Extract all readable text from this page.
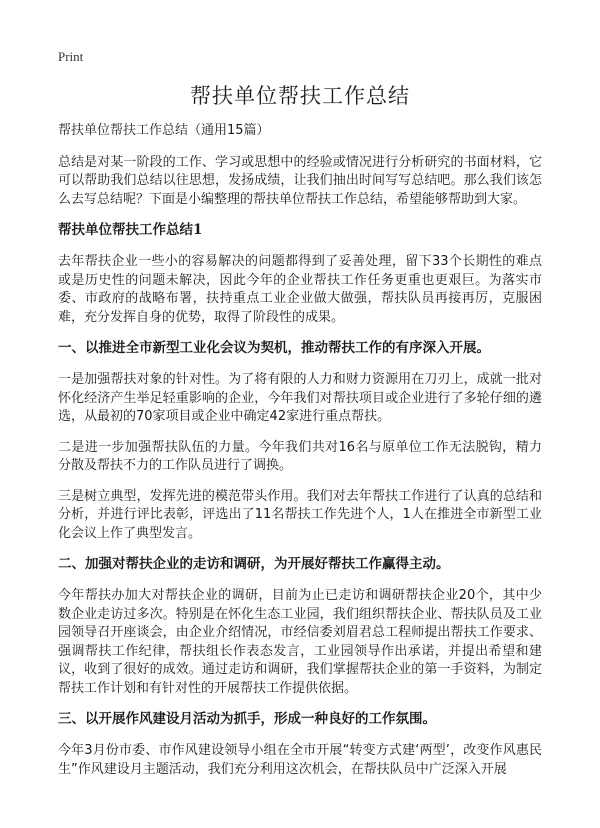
Print
帮扶单位帮扶工作总结

帮扶单位帮扶工作总结（通用15篇）

总结是对某一阶段的工作、学习或思想中的经验或情况进行分析研究的书面材料，它可以帮助我们总结以往思想，发扬成绩，让我们抽出时间写写总结吧。那么我们该怎么去写总结呢？下面是小编整理的帮扶单位帮扶工作总结，希望能够帮助到大家。

帮扶单位帮扶工作总结1

去年帮扶企业一些小的容易解决的问题都得到了妥善处理，留下33个长期性的难点或是历史性的问题未解决，因此今年的企业帮扶工作任务更重也更艰巨。为落实市委、市政府的战略布署，扶持重点工业企业做大做强，帮扶队员再接再厉，克服困难，充分发挥自身的优势，取得了阶段性的成果。

一、以推进全市新型工业化会议为契机，推动帮扶工作的有序深入开展。

一是加强帮扶对象的针对性。为了将有限的人力和财力资源用在刀刃上，成就一批对怀化经济产生举足轻重影响的企业，今年我们对帮扶项目或企业进行了多轮仔细的遴选，从最初的70家项目或企业中确定42家进行重点帮扶。

二是进一步加强帮扶队伍的力量。今年我们共对16名与原单位工作无法脱钩，精力分散及帮扶不力的工作队员进行了调换。

三是树立典型，发挥先进的模范带头作用。我们对去年帮扶工作进行了认真的总结和分析，并进行评比表彰，评选出了11名帮扶工作先进个人，1人在推进全市新型工业化会议上作了典型发言。

二、加强对帮扶企业的走访和调研，为开展好帮扶工作赢得主动。

今年帮扶办加大对帮扶企业的调研，目前为止已走访和调研帮扶企业20个，其中少数企业走访过多次。特别是在怀化生态工业园，我们组织帮扶企业、帮扶队员及工业园领导召开座谈会，由企业介绍情况，市经信委刘眉君总工程师提出帮扶工作要求、强调帮扶工作纪律，帮扶组长作表态发言，工业园领导作出承诺，并提出希望和建议，收到了很好的成效。通过走访和调研，我们掌握帮扶企业的第一手资料，为制定帮扶工作计划和有针对性的开展帮扶工作提供依据。

三、以开展作风建设月活动为抓手，形成一种良好的工作氛围。

今年3月份市委、市作风建设领导小组在全市开展“转变方式建‘两型’，改变作风惠民生”作风建设月主题活动，我们充分利用这次机会，在帮扶队员中广泛深入开展
